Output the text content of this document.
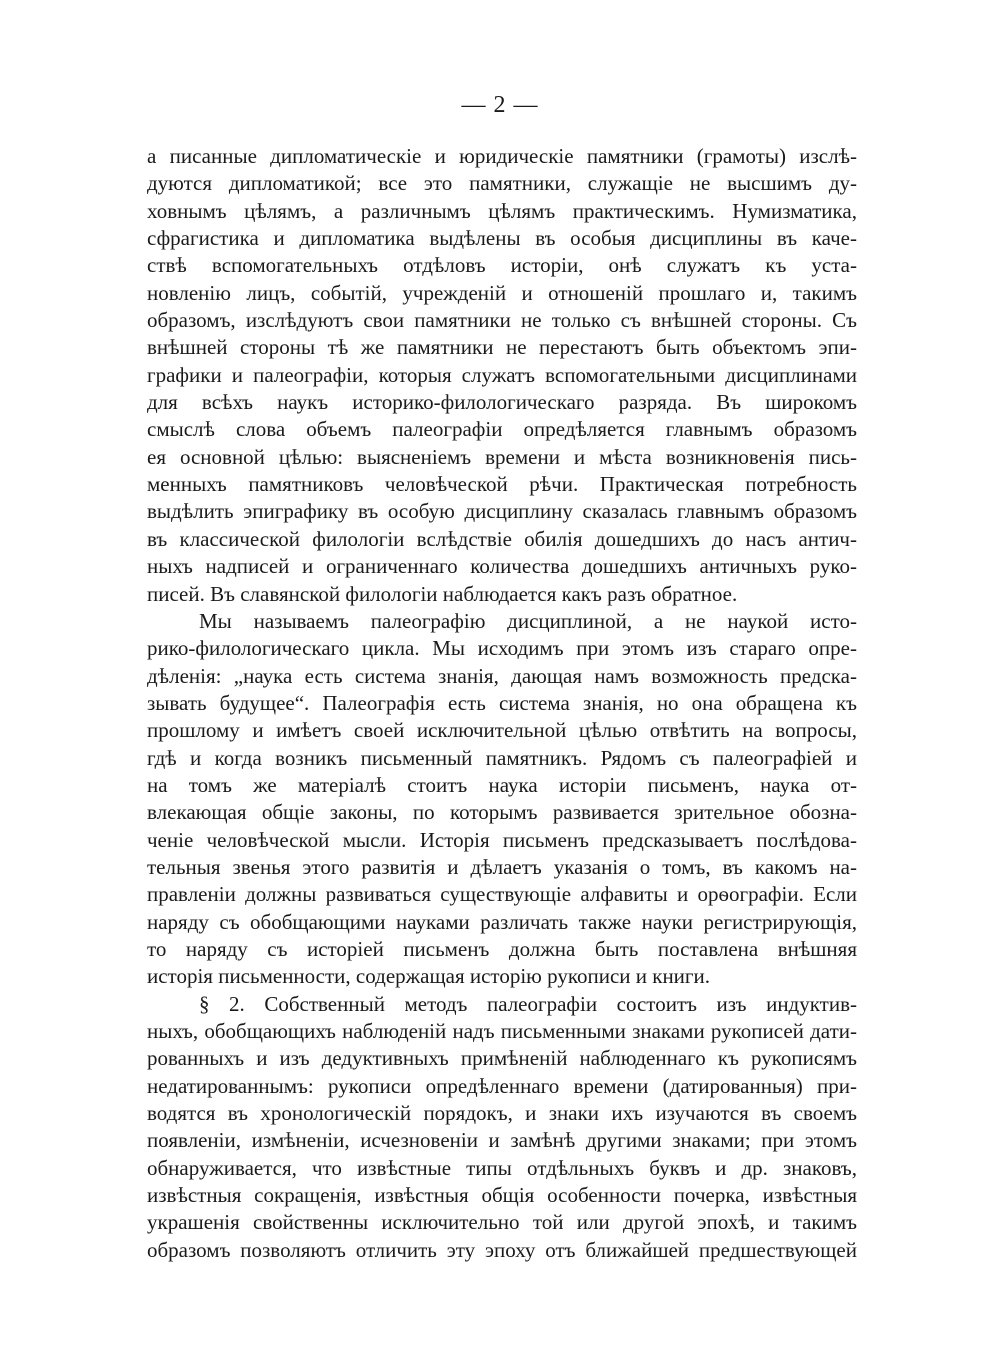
— 2 —
а писанные дипломатическіе и юридическіе памятники (грамоты) изслѣ-
дуются дипломатикой; все это памятники, служащіе не высшимъ ду-
ховнымъ цѣлямъ, а различнымъ цѣлямъ практическимъ. Нумизматика,
сфрагистика и дипломатика выдѣлены въ особыя дисциплины въ каче-
ствѣ вспомогательныхъ отдѣловъ исторіи, онѣ служатъ къ уста-
новленію лицъ, событій, учрежденій и отношеній прошлаго и, такимъ
образомъ, изслѣдуютъ свои памятники не только съ внѣшней стороны. Съ
внѣшней стороны тѣ же памятники не перестаютъ быть объектомъ эпи-
графики и палеографіи, которыя служатъ вспомогательными дисциплинами
для всѣхъ наукъ историко-филологическаго разряда. Въ широкомъ
смыслѣ слова объемъ палеографіи опредѣляется главнымъ образомъ
ея основной цѣлью: выясненіемъ времени и мѣста возникновенія пись-
менныхъ памятниковъ человѣческой рѣчи. Практическая потребность
выдѣлить эпиграфику въ особую дисциплину сказалась главнымъ образомъ
въ классической филологіи вслѣдствіе обилія дошедшихъ до насъ антич-
ныхъ надписей и ограниченнаго количества дошедшихъ античныхъ руко-
писей. Въ славянской филологіи наблюдается какъ разъ обратное.
Мы называемъ палеографію дисциплиной, а не наукой исто-
рико-филологическаго цикла. Мы исходимъ при этомъ изъ стараго опре-
дѣленія: „наука есть система знанія, дающая намъ возможность предска-
зывать будущее“. Палеографія есть система знанія, но она обращена къ
прошлому и имѣетъ своей исключительной цѣлью отвѣтить на вопросы,
гдѣ и когда возникъ письменный памятникъ. Рядомъ съ палеографіей и
на томъ же матеріалѣ стоитъ наука исторіи письменъ, наука от-
влекающая общіе законы, по которымъ развивается зрительное обозна-
ченіе человѣческой мысли. Исторія письменъ предсказываетъ послѣдова-
тельныя звенья этого развитія и дѣлаетъ указанія о томъ, въ какомъ на-
правленіи должны развиваться существующіе алфавиты и орѳографіи. Если
наряду съ обобщающими науками различать также науки регистрирующія,
то наряду съ исторіей письменъ должна быть поставлена внѣшняя
исторія письменности, содержащая исторію рукописи и книги.
§ 2. Собственный методъ палеографіи состоитъ изъ индуктив-
ныхъ, обобщающихъ наблюденій надъ письменными знаками рукописей дати-
рованныхъ и изъ дедуктивныхъ примѣненій наблюденнаго къ рукописямъ
недатированнымъ: рукописи опредѣленнаго времени (датированныя) при-
водятся въ хронологическій порядокъ, и знаки ихъ изучаются въ своемъ
появленіи, измѣненіи, исчезновеніи и замѣнѣ другими знаками; при этомъ
обнаруживается, что извѣстные типы отдѣльныхъ буквъ и др. знаковъ,
извѣстныя сокращенія, извѣстныя общія особенности почерка, извѣстныя
украшенія свойственны исключительно той или другой эпохѣ, и такимъ
образомъ позволяютъ отличить эту эпоху отъ ближайшей предшествующей
